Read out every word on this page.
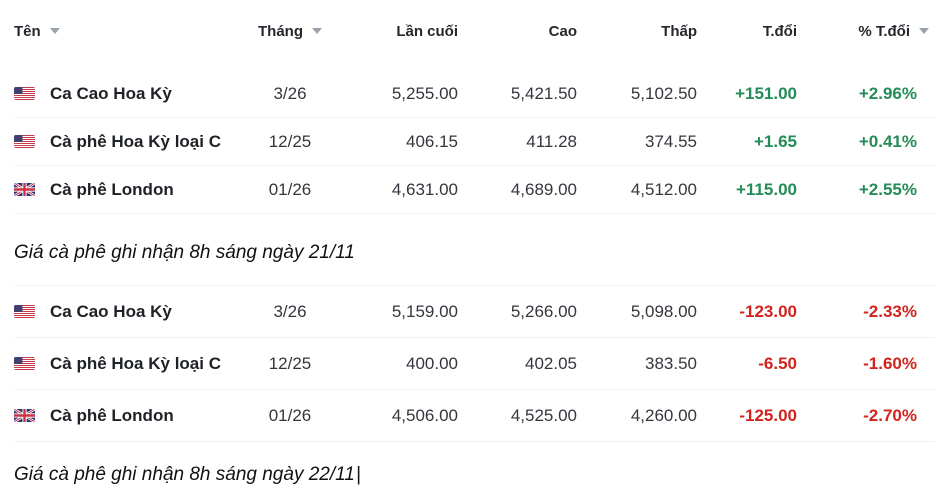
Tên	Tháng	Lần cuối	Cao	Thấp	T.đổi	% T.đổi
Ca Cao Hoa Kỳ	3/26	5,255.00	5,421.50	5,102.50	+151.00	+2.96%
Cà phê Hoa Kỳ loại C	12/25	406.15	411.28	374.55	+1.65	+0.41%
Cà phê London	01/26	4,631.00	4,689.00	4,512.00	+115.00	+2.55%

Giá cà phê ghi nhận 8h sáng ngày 21/11

Ca Cao Hoa Kỳ	3/26	5,159.00	5,266.00	5,098.00	-123.00	-2.33%
Cà phê Hoa Kỳ loại C	12/25	400.00	402.05	383.50	-6.50	-1.60%
Cà phê London	01/26	4,506.00	4,525.00	4,260.00	-125.00	-2.70%

Giá cà phê ghi nhận 8h sáng ngày 22/11|
